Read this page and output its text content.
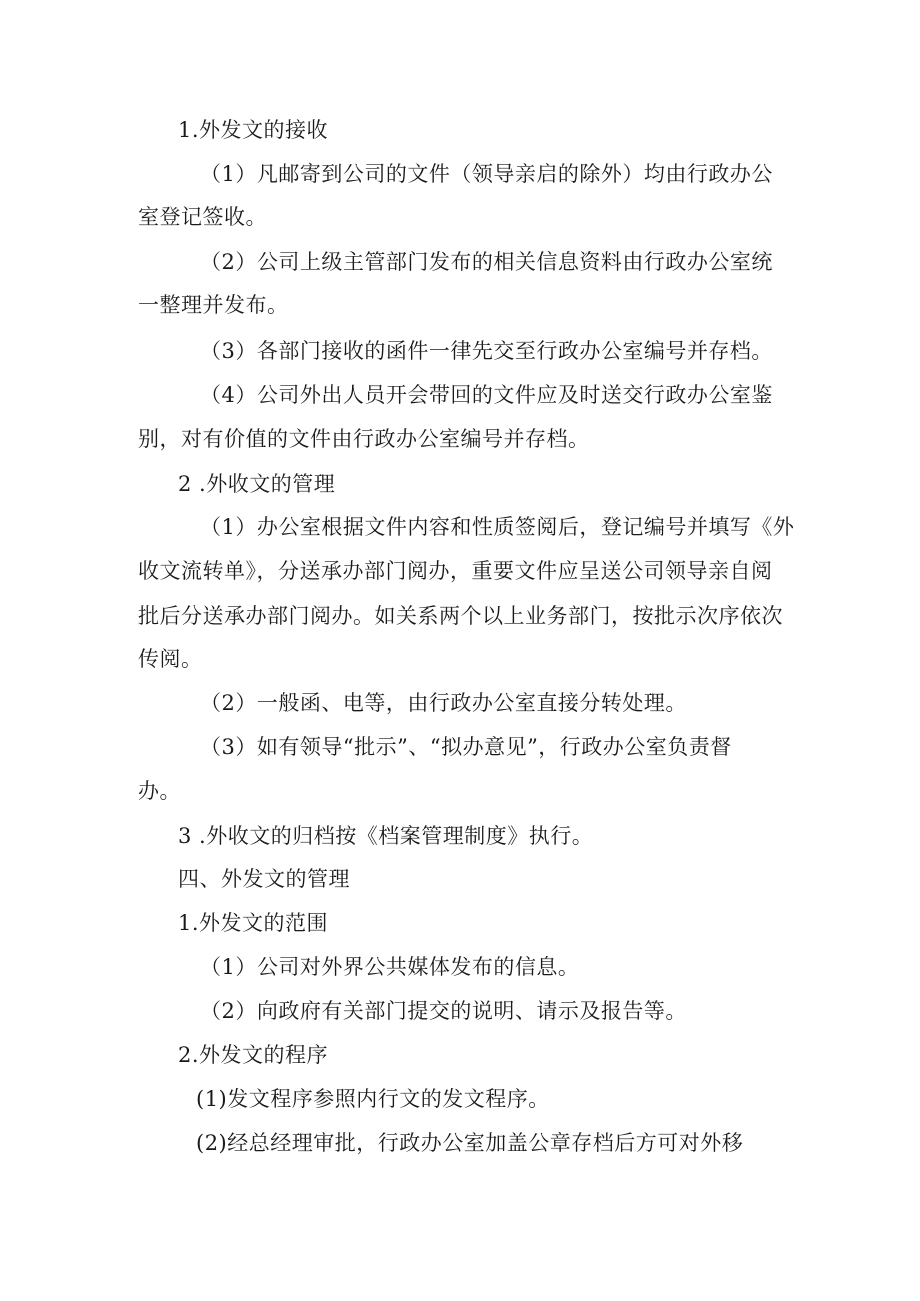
1.外发文的接收
（1）凡邮寄到公司的文件（领导亲启的除外）均由行政办公
室登记签收。
（2）公司上级主管部门发布的相关信息资料由行政办公室统
一整理并发布。
（3）各部门接收的函件一律先交至行政办公室编号并存档。
（4）公司外出人员开会带回的文件应及时送交行政办公室鉴
别，对有价值的文件由行政办公室编号并存档。
2 .外收文的管理
（1）办公室根据文件内容和性质签阅后，登记编号并填写《外
收文流转单》，分送承办部门阅办，重要文件应呈送公司领导亲自阅
批后分送承办部门阅办。如关系两个以上业务部门，按批示次序依次
传阅。
（2）一般函、电等，由行政办公室直接分转处理。
（3）如有领导“批示”、“拟办意见”，行政办公室负责督
办。
3 .外收文的归档按《档案管理制度》执行。
四、外发文的管理
1.外发文的范围
（1）公司对外界公共媒体发布的信息。
（2）向政府有关部门提交的说明、请示及报告等。
2.外发文的程序
(1)发文程序参照内行文的发文程序。
(2)经总经理审批，行政办公室加盖公章存档后方可对外移
